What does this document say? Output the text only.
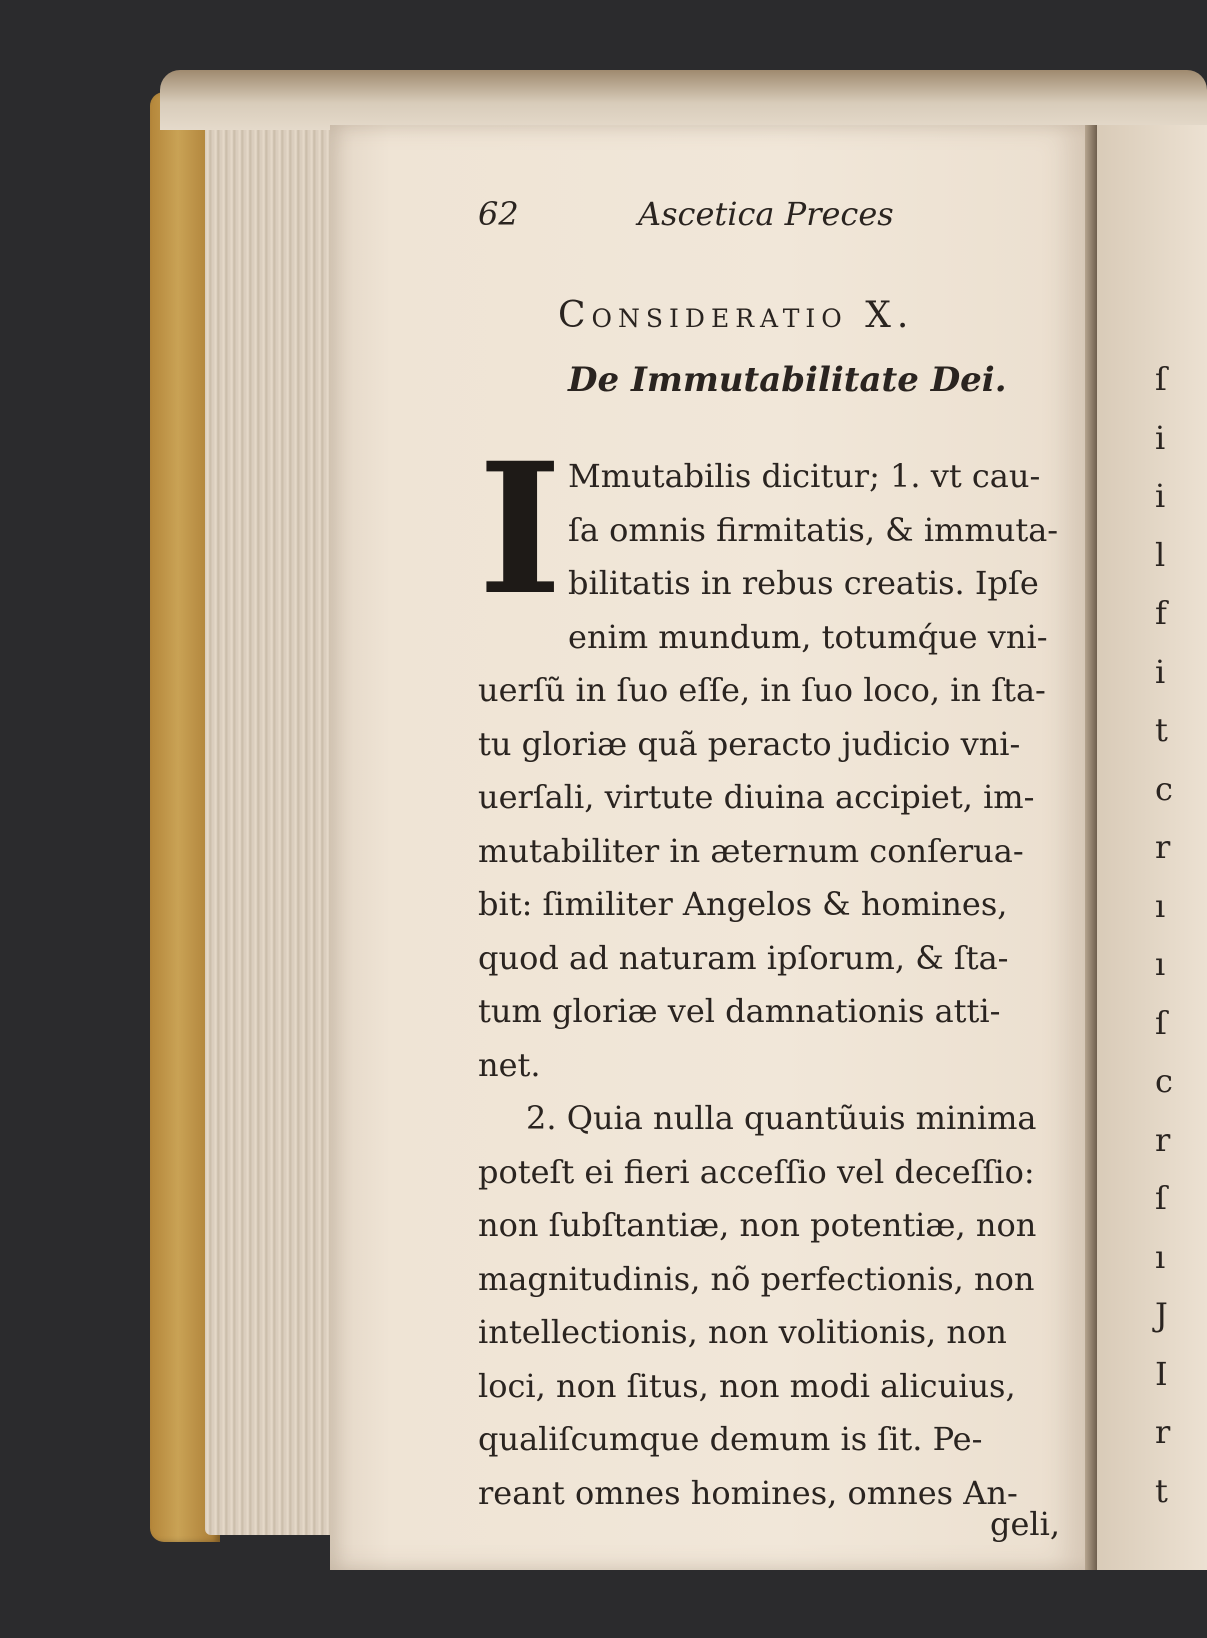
ſ
i
i
l
f
i
t
c
r
ı
ı
ſ
c
r
ſ
ı
J
I
r
t
62	Ascetica Preces
Consideratio X.
De Immutabilitate Dei.
I Mmutabilis dicitur; 1. vt cau-
ſa omnis firmitatis, & immuta-
bilitatis in rebus creatis. Ipſe
enim mundum, totumq́ue vni-
uerſũ in ſuo eſſe, in ſuo loco, in ſta-
tu gloriæ quã peracto judicio vni-
uerſali, virtute diuina accipiet, im-
mutabiliter in æternum conſerua-
bit: ſimiliter Angelos & homines,
quod ad naturam ipſorum, & ſta-
tum gloriæ vel damnationis atti-
net.
2. Quia nulla quantũuis minima
poteſt ei fieri acceſſio vel deceſſio:
non ſubſtantiæ, non potentiæ, non
magnitudinis, nõ perfectionis, non
intellectionis, non volitionis, non
loci, non ſitus, non modi alicuius,
qualiſcumque demum is ſit. Pe-
reant omnes homines, omnes An-
geli,
